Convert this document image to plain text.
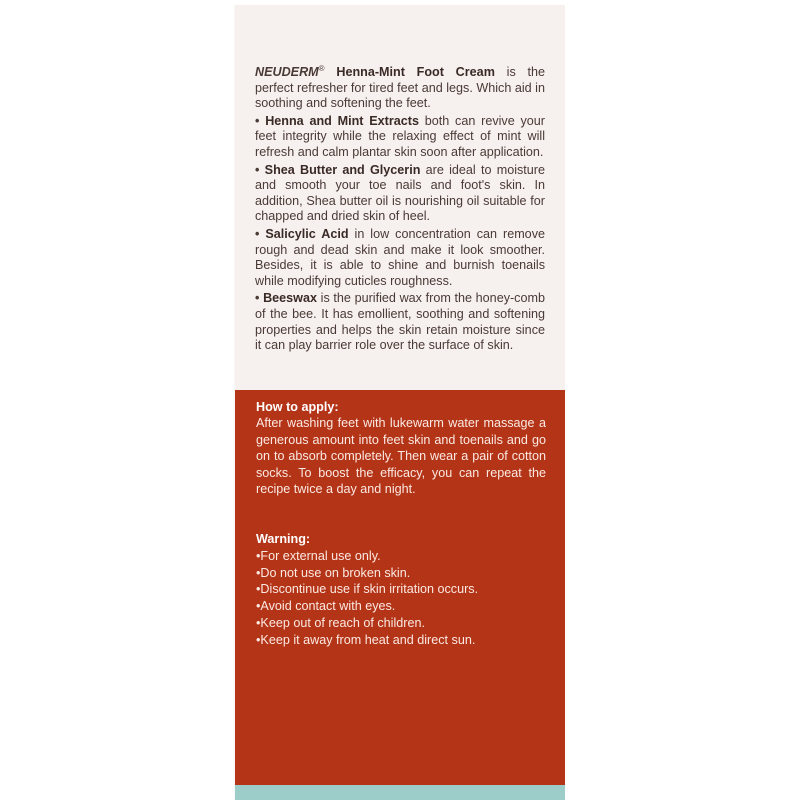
NEUDERM® Henna-Mint Foot Cream is the perfect refresher for tired feet and legs. Which aid in soothing and softening the feet.

• Henna and Mint Extracts both can revive your feet integrity while the relaxing effect of mint will refresh and calm plantar skin soon after application.

• Shea Butter and Glycerin are ideal to moisture and smooth your toe nails and foot's skin. In addition, Shea butter oil is nourishing oil suitable for chapped and dried skin of heel.

• Salicylic Acid in low concentration can remove rough and dead skin and make it look smoother. Besides, it is able to shine and burnish toenails while modifying cuticles roughness.

• Beeswax is the purified wax from the honey-comb of the bee. It has emollient, soothing and softening properties and helps the skin retain moisture since it can play barrier role over the surface of skin.

How to apply:
After washing feet with lukewarm water massage a generous amount into feet skin and toenails and go on to absorb completely. Then wear a pair of cotton socks. To boost the efficacy, you can repeat the recipe twice a day and night.
Warning:
• For external use only.
• Do not use on broken skin.
• Discontinue use if skin irritation occurs.
• Avoid contact with eyes.
• Keep out of reach of children.
• Keep it away from heat and direct sun.
